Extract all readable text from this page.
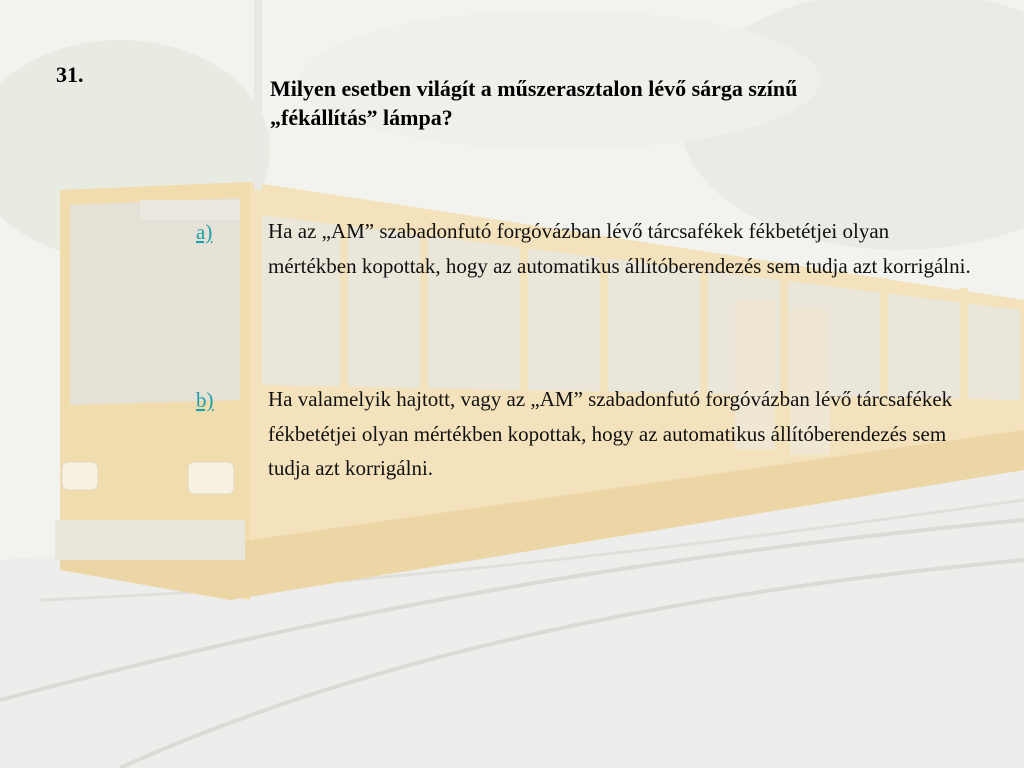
31.
Milyen esetben világít a műszerasztalon lévő sárga színű „fékállítás” lámpa?
a)	Ha az „AM” szabadonfutó forgóvázban lévő tárcsafékek fékbetétjei olyan mértékben kopottak, hogy az automatikus állítóberendezés sem tudja azt korrigálni.
b)	Ha valamelyik hajtott, vagy az „AM” szabadonfutó forgóvázban lévő tárcsafékek fékbetétjei olyan mértékben kopottak, hogy az automatikus állítóberendezés sem tudja azt korrigálni.
